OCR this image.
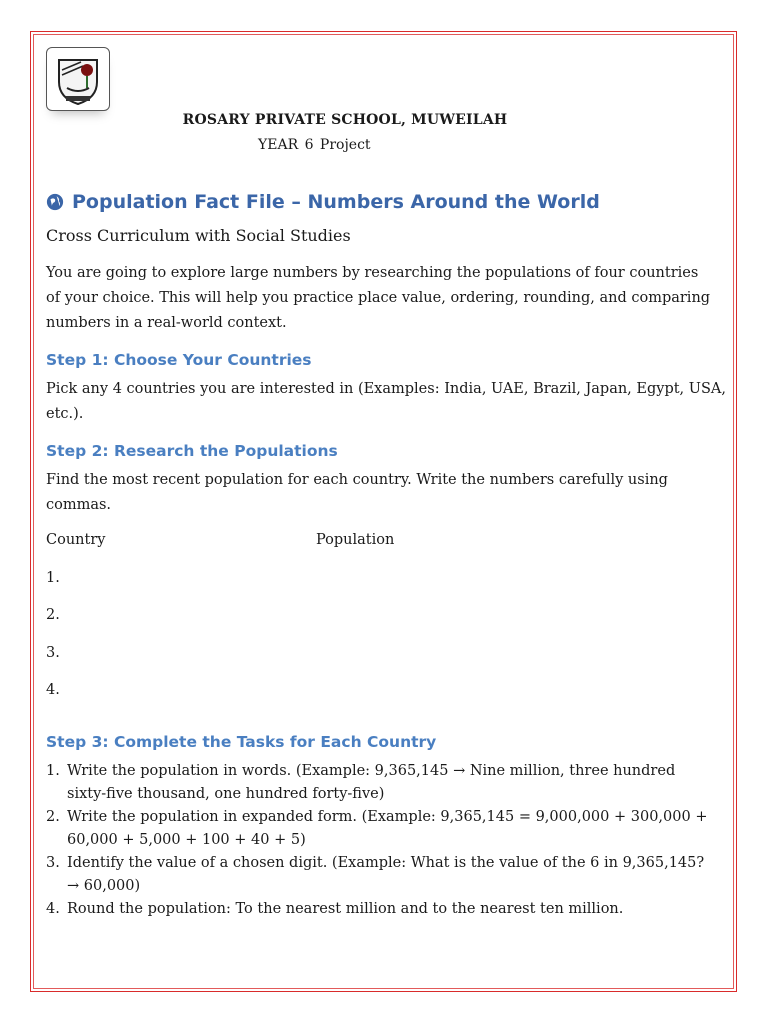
ROSARY PRIVATE SCHOOL, MUWEILAH
YEAR 6 Project
Population Fact File – Numbers Around the World
Cross Curriculum with Social Studies
You are going to explore large numbers by researching the populations of four countries
of your choice. This will help you practice place value, ordering, rounding, and comparing
numbers in a real-world context.
Step 1: Choose Your Countries
Pick any 4 countries you are interested in (Examples: India, UAE, Brazil, Japan, Egypt, USA,
etc.).
Step 2: Research the Populations
Find the most recent population for each country. Write the numbers carefully using
commas.
Country	Population
1.
2.
3.
4.
Step 3: Complete the Tasks for Each Country
1. Write the population in words. (Example: 9,365,145 → Nine million, three hundred
sixty-five thousand, one hundred forty-five)
2. Write the population in expanded form. (Example: 9,365,145 = 9,000,000 + 300,000 +
60,000 + 5,000 + 100 + 40 + 5)
3. Identify the value of a chosen digit. (Example: What is the value of the 6 in 9,365,145?
→ 60,000)
4. Round the population: To the nearest million and to the nearest ten million.
